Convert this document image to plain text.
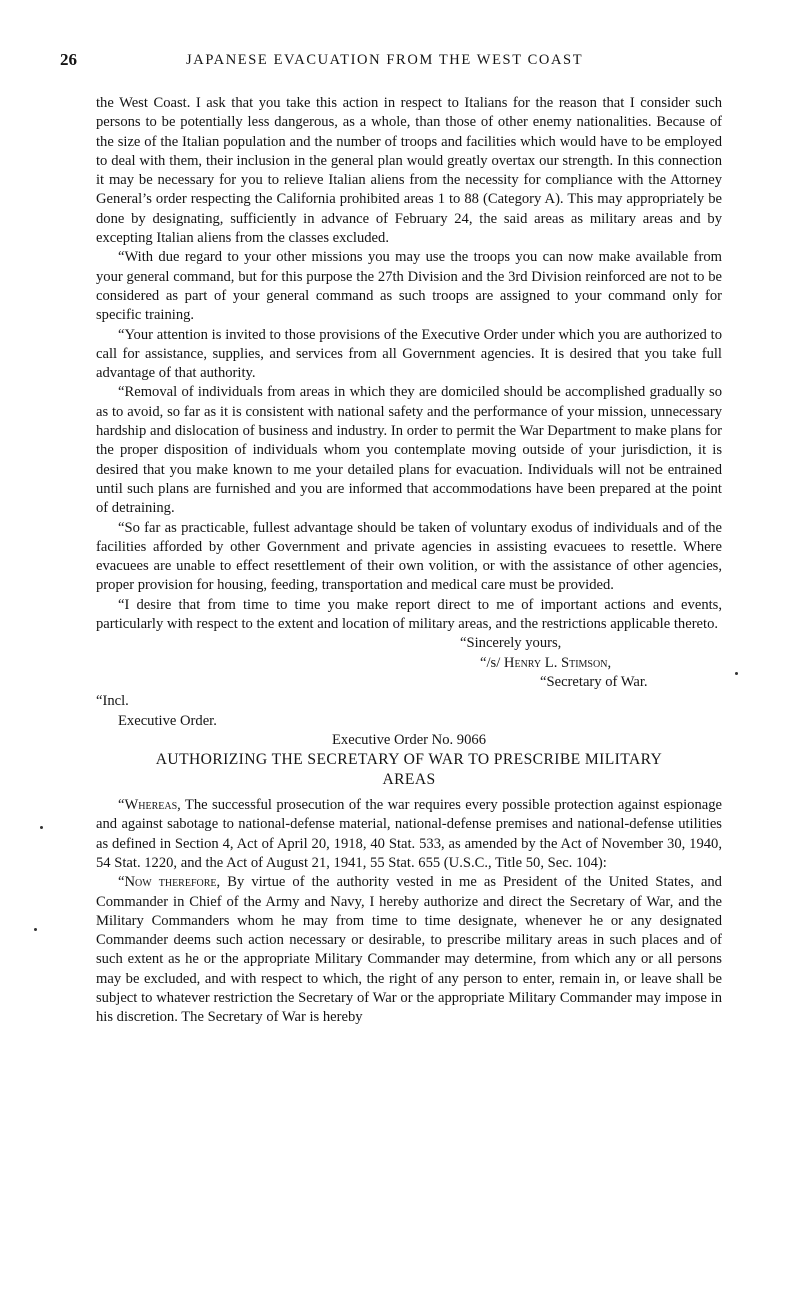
26	JAPANESE EVACUATION FROM THE WEST COAST

the West Coast. I ask that you take this action in respect to Italians for the reason that I consider such persons to be potentially less dangerous, as a whole, than those of other enemy nationalities. Because of the size of the Italian population and the number of troops and facilities which would have to be employed to deal with them, their inclusion in the general plan would greatly overtax our strength. In this connection it may be necessary for you to relieve Italian aliens from the necessity for compliance with the Attorney General’s order respecting the California prohibited areas 1 to 88 (Category A). This may appropriately be done by designating, sufficiently in advance of February 24, the said areas as military areas and by excepting Italian aliens from the classes excluded.

“With due regard to your other missions you may use the troops you can now make available from your general command, but for this purpose the 27th Division and the 3rd Division reinforced are not to be considered as part of your general command as such troops are assigned to your command only for specific training.

“Your attention is invited to those provisions of the Executive Order under which you are authorized to call for assistance, supplies, and services from all Government agencies. It is desired that you take full advantage of that authority.

“Removal of individuals from areas in which they are domiciled should be accomplished gradually so as to avoid, so far as it is consistent with national safety and the performance of your mission, unnecessary hardship and dislocation of business and industry. In order to permit the War Department to make plans for the proper disposition of individuals whom you contemplate moving outside of your jurisdiction, it is desired that you make known to me your detailed plans for evacuation. Individuals will not be entrained until such plans are furnished and you are informed that accommodations have been prepared at the point of detraining.

“So far as practicable, fullest advantage should be taken of voluntary exodus of individuals and of the facilities afforded by other Government and private agencies in assisting evacuees to resettle. Where evacuees are unable to effect resettlement of their own volition, or with the assistance of other agencies, proper provision for housing, feeding, transportation and medical care must be provided.

“I desire that from time to time you make report direct to me of important actions and events, particularly with respect to the extent and location of military areas, and the restrictions applicable thereto.

“Sincerely yours,

“/s/ Henry L. Stimson,

“Secretary of War.

“Incl.

Executive Order.

Executive Order No. 9066

AUTHORIZING THE SECRETARY OF WAR TO PRESCRIBE MILITARY AREAS

“Whereas, The successful prosecution of the war requires every possible protection against espionage and against sabotage to national-defense material, national-defense premises and national-defense utilities as defined in Section 4, Act of April 20, 1918, 40 Stat. 533, as amended by the Act of November 30, 1940, 54 Stat. 1220, and the Act of August 21, 1941, 55 Stat. 655 (U.S.C., Title 50, Sec. 104):

“Now therefore, By virtue of the authority vested in me as President of the United States, and Commander in Chief of the Army and Navy, I hereby authorize and direct the Secretary of War, and the Military Commanders whom he may from time to time designate, whenever he or any designated Commander deems such action necessary or desirable, to prescribe military areas in such places and of such extent as he or the appropriate Military Commander may determine, from which any or all persons may be excluded, and with respect to which, the right of any person to enter, remain in, or leave shall be subject to whatever restriction the Secretary of War or the appropriate Military Commander may impose in his discretion. The Secretary of War is hereby
